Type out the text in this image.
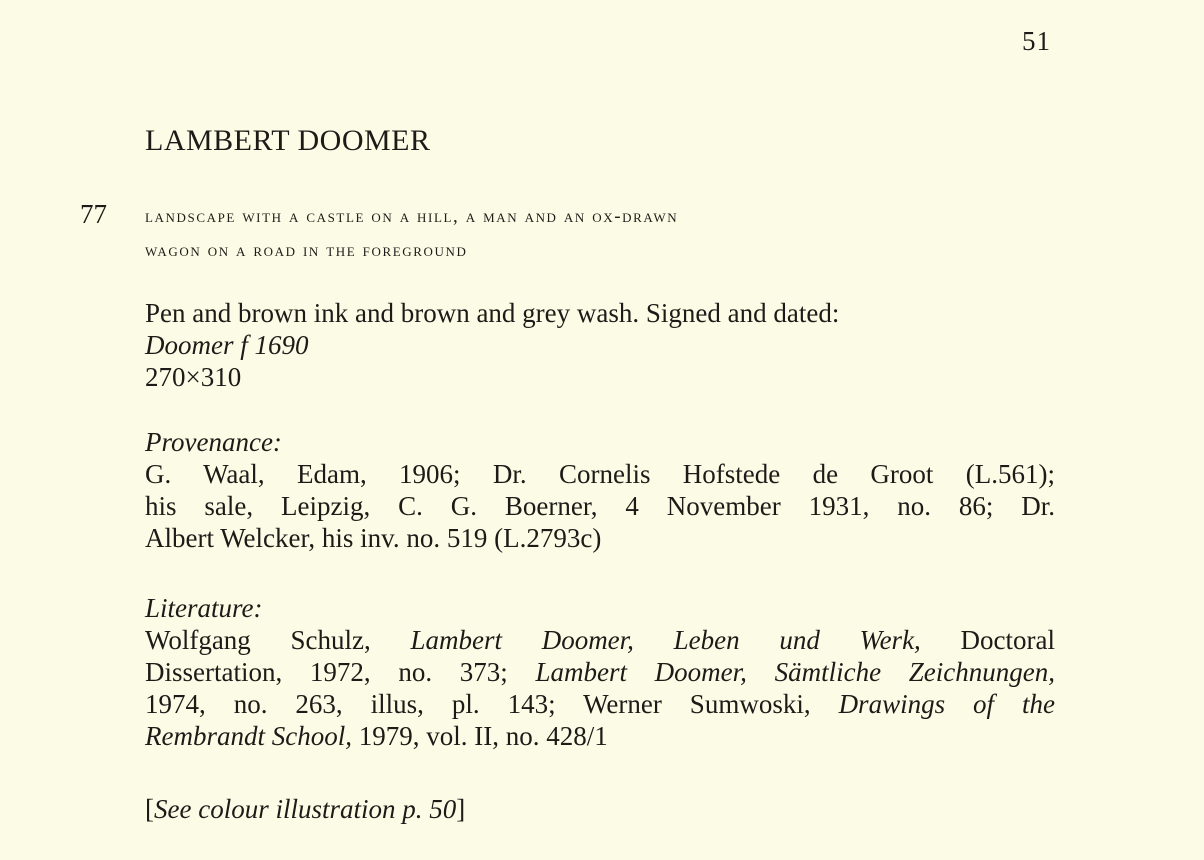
51
LAMBERT DOOMER
77 landscape with a castle on a hill, a man and an ox-drawn
wagon on a road in the foreground
Pen and brown ink and brown and grey wash. Signed and dated:
Doomer f 1690
270×310
Provenance:
G. Waal, Edam, 1906; Dr. Cornelis Hofstede de Groot (L.561);
his sale, Leipzig, C. G. Boerner, 4 November 1931, no. 86; Dr.
Albert Welcker, his inv. no. 519 (L.2793c)
Literature:
Wolfgang Schulz, Lambert Doomer, Leben und Werk, Doctoral
Dissertation, 1972, no. 373; Lambert Doomer, Sämtliche Zeichnungen,
1974, no. 263, illus, pl. 143; Werner Sumwoski, Drawings of the
Rembrandt School, 1979, vol. II, no. 428/1
[See colour illustration p. 50]
